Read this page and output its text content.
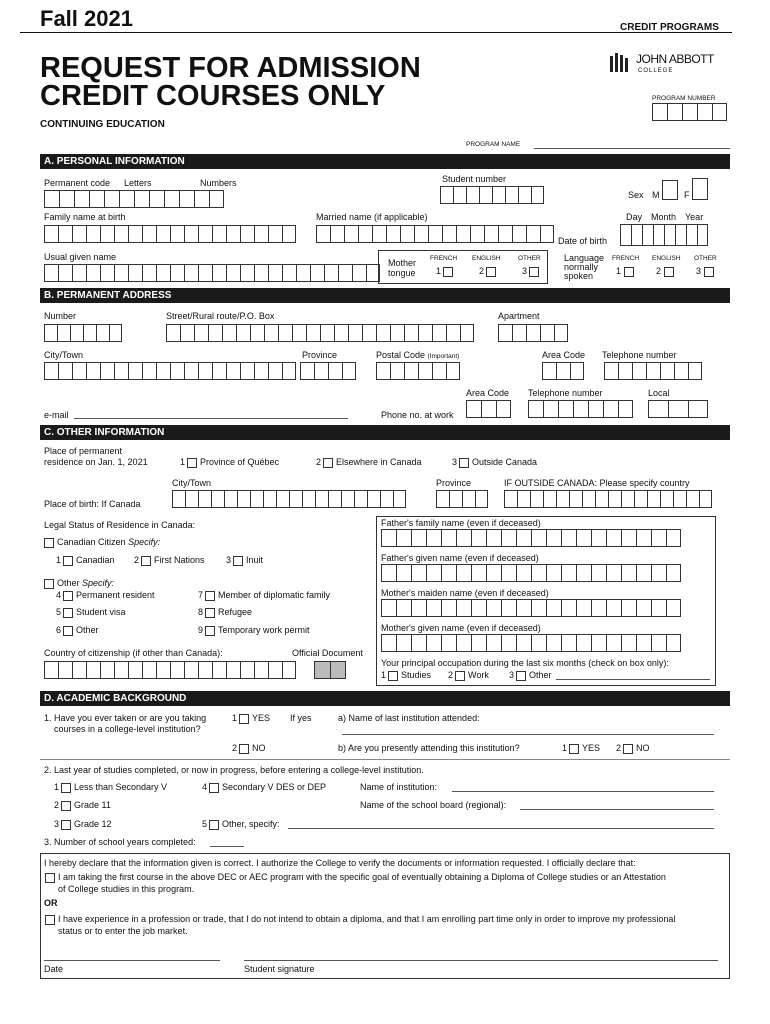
Fall 2021	CREDIT PROGRAMS
REQUEST FOR ADMISSION
CREDIT COURSES ONLY
CONTINUING EDUCATION
JOHN ABBOTT
COLLEGE
PROGRAM NUMBER
PROGRAM NAME
A. PERSONAL INFORMATION
Permanent code Letters	Numbers	Student number
Sex M	F
Family name at birth	Married name (if applicable)	Day Month Year
Date of birth
Usual given name
Mother tongue
FRENCH ENGLISH	OTHER
1	2	3
Language normally spoken
FRENCH ENGLISH OTHER
1	2	3
B. PERMANENT ADDRESS
Number	Street/Rural route/P.O. Box	Apartment
City/Town	Province	Postal Code (Important)	Area Code Telephone number
Area Code Telephone number	Local
e-mail	Phone no. at work
C. OTHER INFORMATION
Place of permanent
residence on Jan. 1, 2021	1 Province of Québec	2 Elsewhere in Canada	3 Outside Canada
City/Town	Province	IF OUTSIDE CANADA: Please specify country
Place of birth: If Canada
Legal Status of Residence in Canada:
Canadian Citizen Specify:
1 Canadian 2 First Nations 3 Inuit
Other Specify:
4 Permanent resident	7 Member of diplomatic family
5 Student visa	8 Refugee
6 Other	9 Temporary work permit
Country of citizenship (if other than Canada):	Official Document
Father's family name (even if deceased)
Father's given name (even if deceased)
Mother's maiden name (even if deceased)
Mother's given name (even if deceased)
Your principal occupation during the last six months (check on box only):
1 Studies 2 Work 3 Other
D. ACADEMIC BACKGROUND
1. Have you ever taken or are you taking
courses in a college-level institution?
1 YES If yes	a) Name of last institution attended:
2 NO	b) Are you presently attending this institution?	1 YES 2 NO
2. Last year of studies completed, or now in progress, before entering a college-level institution.
1 Less than Secondary V	4 Secondary V DES or DEP	Name of institution:
2 Grade 11	Name of the school board (regional):
3 Grade 12	5 Other, specify:
3. Number of school years completed:
I hereby declare that the information given is correct. I authorize the College to verify the documents or information requested. I officially declare that:
I am taking the first course in the above DEC or AEC program with the specific goal of eventually obtaining a Diploma of College studies or an Attestation
of College studies in this program.
OR
I have experience in a profession or trade, that I do not intend to obtain a diploma, and that I am enrolling part time only in order to improve my professional
status or to enter the job market.
Date	Student signature
